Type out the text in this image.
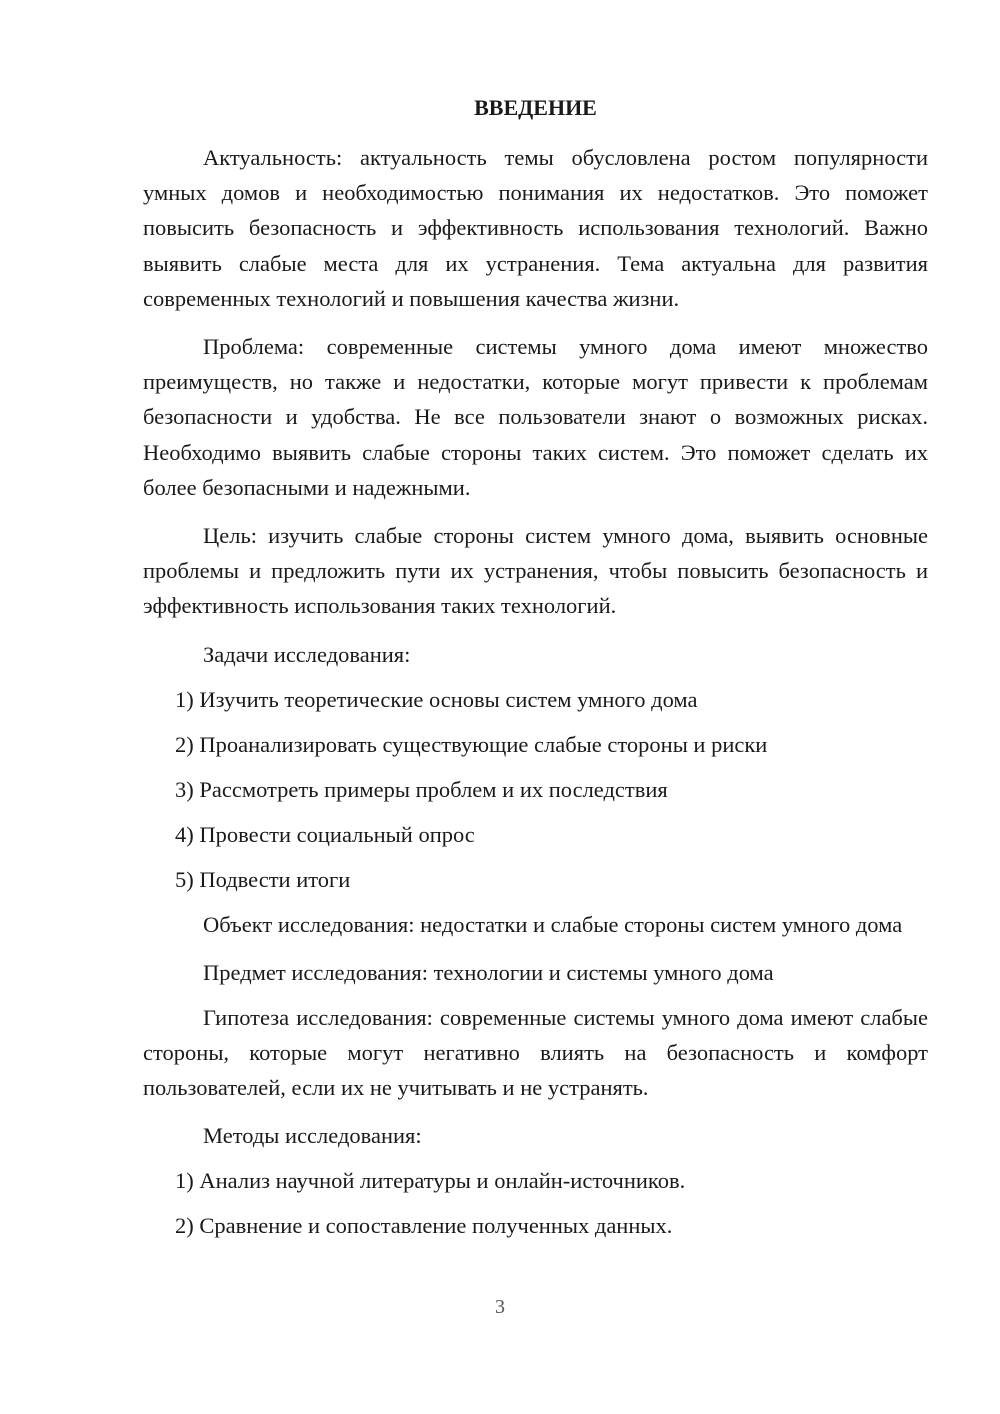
ВВЕДЕНИЕ

Актуальность: актуальность темы обусловлена ростом популярности умных домов и необходимостью понимания их недостатков. Это поможет повысить безопасность и эффективность использования технологий. Важно выявить слабые места для их устранения. Тема актуальна для развития современных технологий и повышения качества жизни.

Проблема: современные системы умного дома имеют множество преимуществ, но также и недостатки, которые могут привести к проблемам безопасности и удобства. Не все пользователи знают о возможных рисках. Необходимо выявить слабые стороны таких систем. Это поможет сделать их более безопасными и надежными.

Цель: изучить слабые стороны систем умного дома, выявить основные проблемы и предложить пути их устранения, чтобы повысить безопасность и эффективность использования таких технологий.

Задачи исследования:

1) Изучить теоретические основы систем умного дома
2) Проанализировать существующие слабые стороны и риски
3) Рассмотреть примеры проблем и их последствия
4) Провести социальный опрос
5) Подвести итоги

Объект исследования: недостатки и слабые стороны систем умного дома

Предмет исследования: технологии и системы умного дома

Гипотеза исследования: современные системы умного дома имеют слабые стороны, которые могут негативно влиять на безопасность и комфорт пользователей, если их не учитывать и не устранять.

Методы исследования:

1) Анализ научной литературы и онлайн-источников.
2) Сравнение и сопоставление полученных данных.
3
